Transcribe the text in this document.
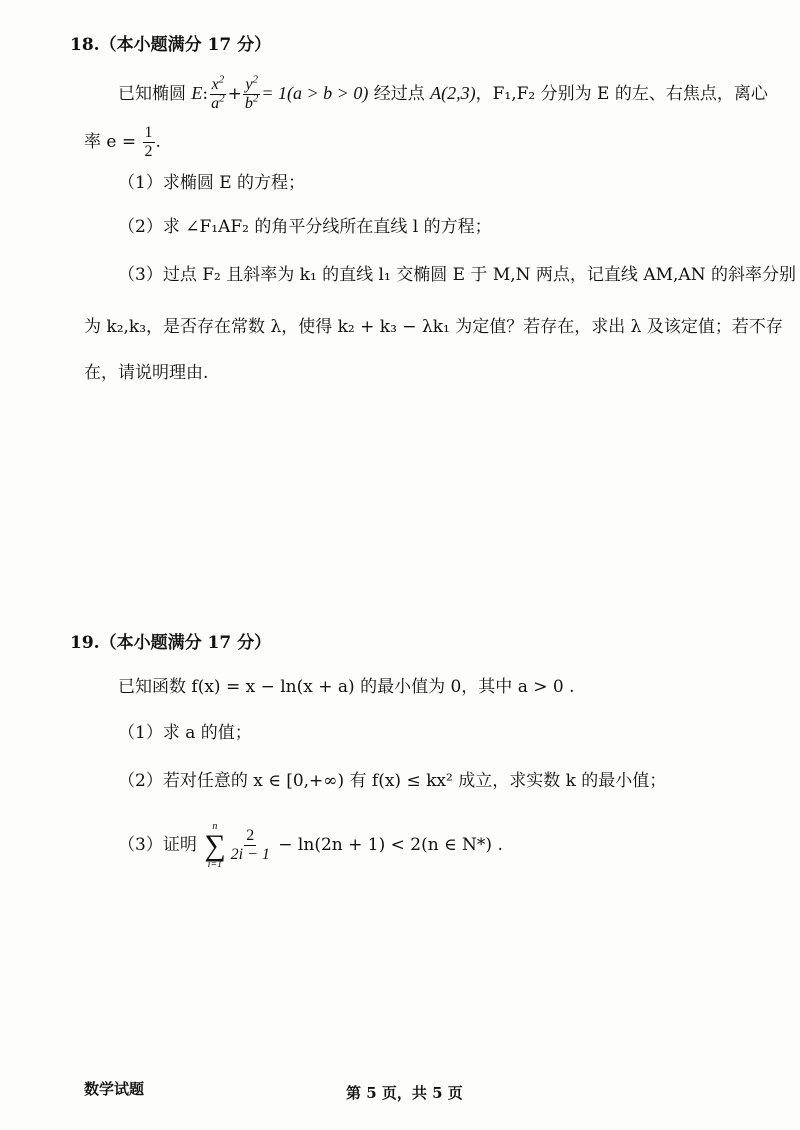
18.（本小题满分 17 分）
已知椭圆 E: $\frac{x^2}{a^2} + \frac{y^2}{b^2} = 1(a > b > 0)$ 经过点 A(2,3)，F₁,F₂ 分别为 E 的左、右焦点，离心
率 $e = \frac{1}{2}$ .
（1）求椭圆 E 的方程；
（2）求 ∠F₁AF₂ 的角平分线所在直线 l 的方程；
（3）过点 F₂ 且斜率为 k₁ 的直线 l₁ 交椭圆 E 于 M,N 两点，记直线 AM,AN 的斜率分别
为 k₂,k₃，是否存在常数 λ，使得 k₂ + k₃ − λk₁ 为定值？若存在，求出 λ 及该定值；若不存
在，请说明理由.
19.（本小题满分 17 分）
已知函数 f(x) = x − ln(x + a) 的最小值为 0，其中 a > 0 .
（1）求 a 的值；
（2）若对任意的 x ∈ [0,+∞) 有 f(x) ≤ kx² 成立，求实数 k 的最小值；
（3）证明
n
∑
$i=1 \frac{2}{2i - 1} - \ln(2n + 1) < 2(n$ ∈ N*) .
数学试题	第 5 页，共 5 页
